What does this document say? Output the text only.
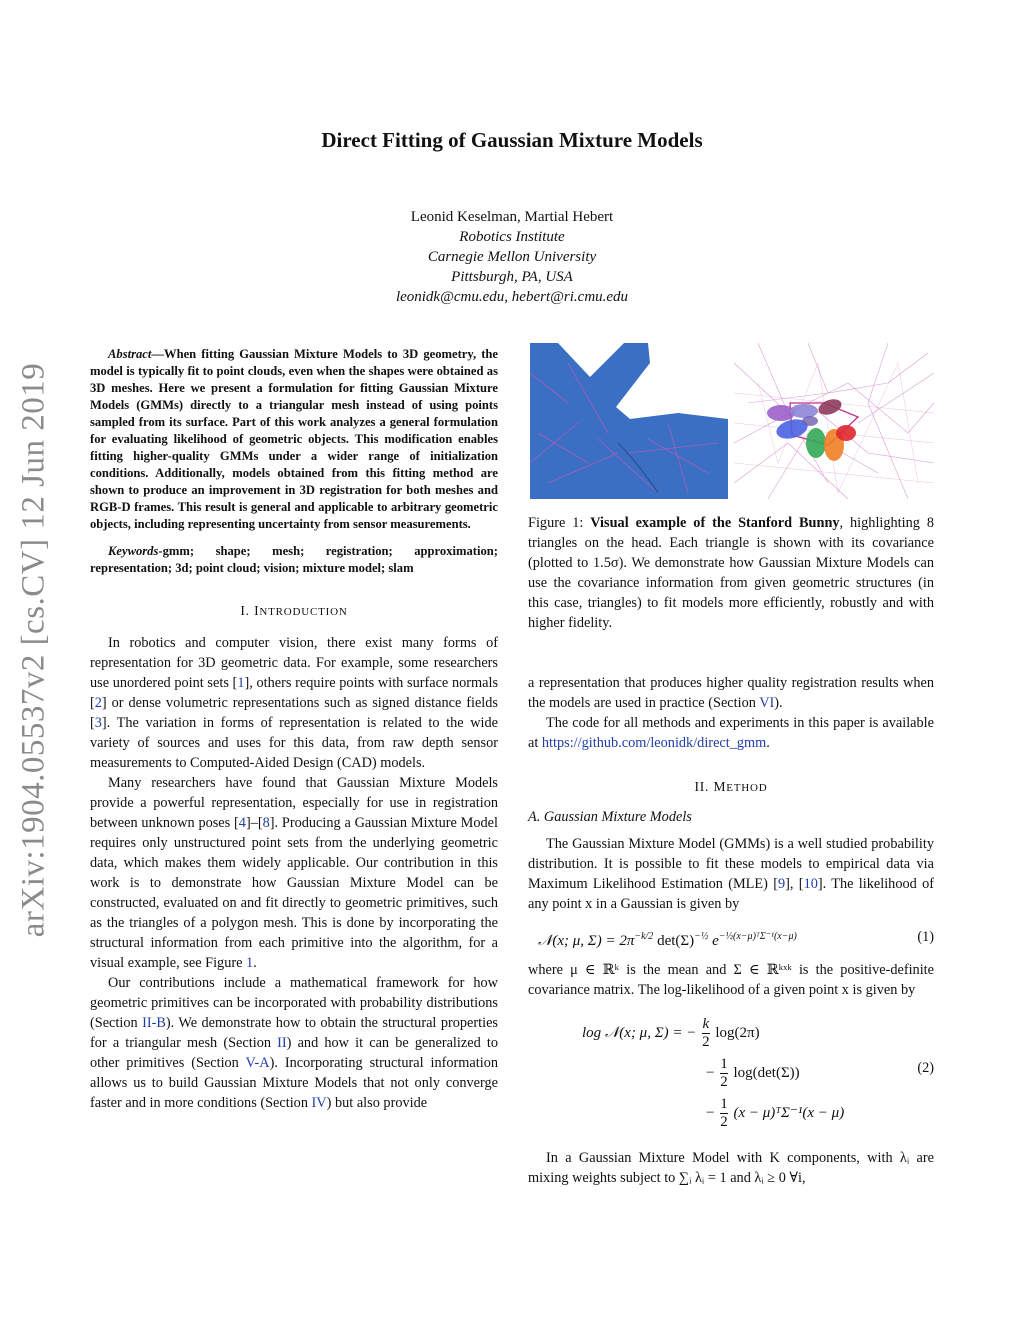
arXiv:1904.05537v2 [cs.CV] 12 Jun 2019
Direct Fitting of Gaussian Mixture Models
Leonid Keselman, Martial Hebert
Robotics Institute
Carnegie Mellon University
Pittsburgh, PA, USA
leonidk@cmu.edu, hebert@ri.cmu.edu

Abstract—When fitting Gaussian Mixture Models to 3D geometry, the model is typically fit to point clouds, even when the shapes were obtained as 3D meshes. Here we present a formulation for fitting Gaussian Mixture Models (GMMs) directly to a triangular mesh instead of using points sampled from its surface. Part of this work analyzes a general formulation for evaluating likelihood of geometric objects. This modification enables fitting higher-quality GMMs under a wider range of initialization conditions. Additionally, models obtained from this fitting method are shown to produce an improvement in 3D registration for both meshes and RGB-D frames. This result is general and applicable to arbitrary geometric objects, including representing uncertainty from sensor measurements.

Keywords-gmm; shape; mesh; registration; approximation; representation; 3d; point cloud; vision; mixture model; slam

I. INTRODUCTION

In robotics and computer vision, there exist many forms of representation for 3D geometric data. For example, some researchers use unordered point sets [1], others require points with surface normals [2] or dense volumetric representations such as signed distance fields [3]. The variation in forms of representation is related to the wide variety of sources and uses for this data, from raw depth sensor measurements to Computed-Aided Design (CAD) models.

Many researchers have found that Gaussian Mixture Models provide a powerful representation, especially for use in registration between unknown poses [4]–[8]. Producing a Gaussian Mixture Model requires only unstructured point sets from the underlying geometric data, which makes them widely applicable. Our contribution in this work is to demonstrate how Gaussian Mixture Model can be constructed, evaluated on and fit directly to geometric primitives, such as the triangles of a polygon mesh. This is done by incorporating the structural information from each primitive into the algorithm, for a visual example, see Figure 1.

Our contributions include a mathematical framework for how geometric primitives can be incorporated with probability distributions (Section II-B). We demonstrate how to obtain the structural properties for a triangular mesh (Section II) and how it can be generalized to other primitives (Section V-A). Incorporating structural information allows us to build Gaussian Mixture Models that not only converge faster and in more conditions (Section IV) but also provide

Figure 1: Visual example of the Stanford Bunny, highlighting 8 triangles on the head. Each triangle is shown with its covariance (plotted to 1.5σ). We demonstrate how Gaussian Mixture Models can use the covariance information from given geometric structures (in this case, triangles) to fit models more efficiently, robustly and with higher fidelity.

a representation that produces higher quality registration results when the models are used in practice (Section VI).

The code for all methods and experiments in this paper is available at https://github.com/leonidk/direct_gmm.

II. METHOD
A. Gaussian Mixture Models

The Gaussian Mixture Model (GMMs) is a well studied probability distribution. It is possible to fit these models to empirical data via Maximum Likelihood Estimation (MLE) [9], [10]. The likelihood of any point x in a Gaussian is given by

𝒩(x; μ, $\Sigma) = 2\pi^{-k/2}$ $\det(\Sigma)^{-\frac{1}{2}}$ $e^{-\frac{1}{2}(x-\mu)ᵀ\Sigma^{-1}(x-\mu)}$	(1)

where μ ∈ ℝᵏ is the mean and Σ ∈ ℝᵏˣᵏ is the positive-definite covariance matrix. The log-likelihood of a given point x is given by

log 𝒩(x; μ, Σ) = − $\frac{k}{2} \log(2\pi)$
− $\frac{1}{2} \log(\det(\Sigma))$
− $\frac{1}{2} (x$ − μ)ᵀΣ⁻¹(x − μ)
(2)

In a Gaussian Mixture Model with K components, with λᵢ are mixing weights subject to ∑ᵢ λᵢ = 1 and λᵢ ≥ 0 ∀i,
